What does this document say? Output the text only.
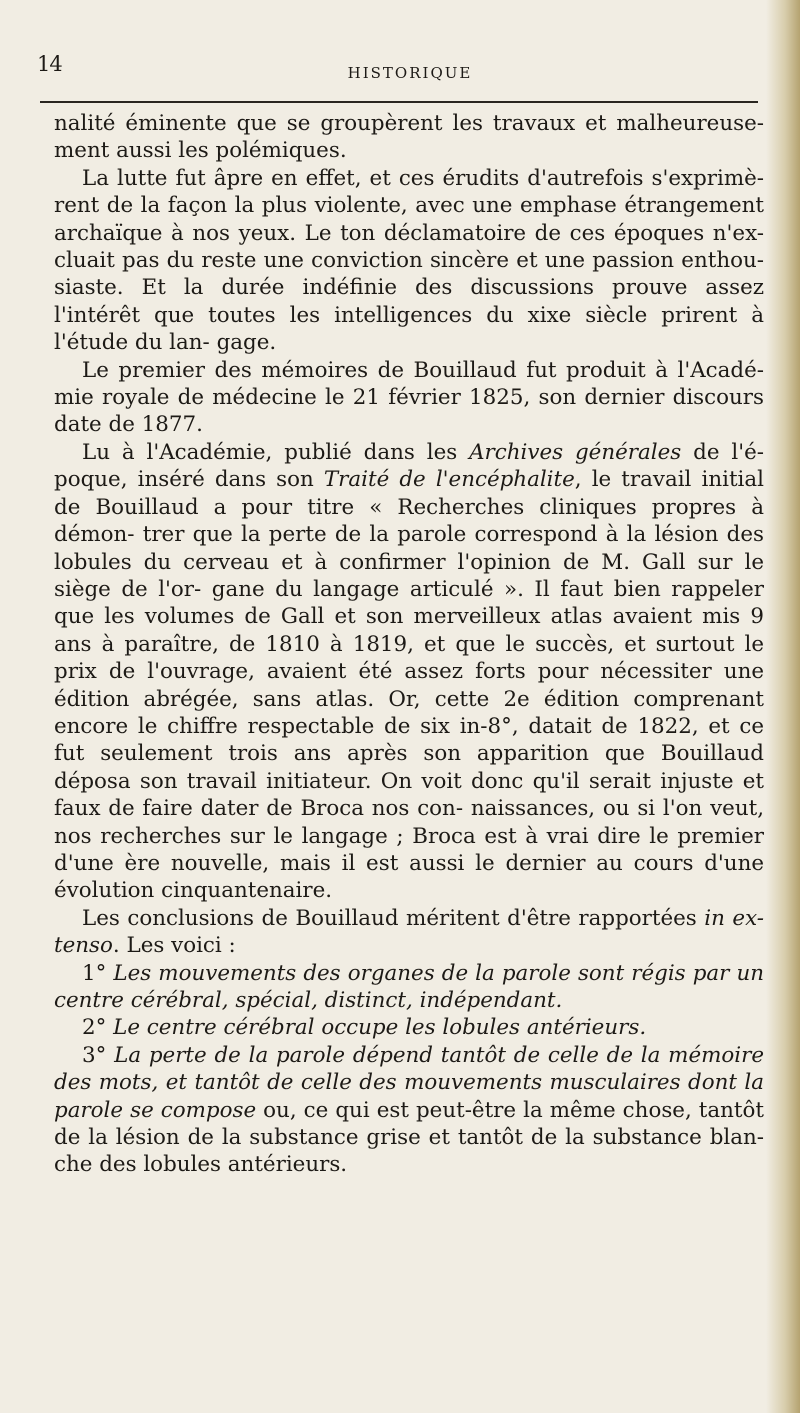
14	HISTORIQUE

nalité éminente que se groupèrent les travaux et malheureuse- ment aussi les polémiques.

La lutte fut âpre en effet, et ces érudits d'autrefois s'exprimè- rent de la façon la plus violente, avec une emphase étrangement archaïque à nos yeux. Le ton déclamatoire de ces époques n'ex- cluait pas du reste une conviction sincère et une passion enthou- siaste. Et la durée indéfinie des discussions prouve assez l'intérêt que toutes les intelligences du xixe siècle prirent à l'étude du lan- gage.

Le premier des mémoires de Bouillaud fut produit à l'Acadé- mie royale de médecine le 21 février 1825, son dernier discours date de 1877.

Lu à l'Académie, publié dans les Archives générales de l'é- poque, inséré dans son Traité de l'encéphalite, le travail initial de Bouillaud a pour titre « Recherches cliniques propres à démon- trer que la perte de la parole correspond à la lésion des lobules du cerveau et à confirmer l'opinion de M. Gall sur le siège de l'or- gane du langage articulé ». Il faut bien rappeler que les volumes de Gall et son merveilleux atlas avaient mis 9 ans à paraître, de 1810 à 1819, et que le succès, et surtout le prix de l'ouvrage, avaient été assez forts pour nécessiter une édition abrégée, sans atlas. Or, cette 2e édition comprenant encore le chiffre respectable de six in-8°, datait de 1822, et ce fut seulement trois ans après son apparition que Bouillaud déposa son travail initiateur. On voit donc qu'il serait injuste et faux de faire dater de Broca nos con- naissances, ou si l'on veut, nos recherches sur le langage ; Broca est à vrai dire le premier d'une ère nouvelle, mais il est aussi le dernier au cours d'une évolution cinquantenaire.

Les conclusions de Bouillaud méritent d'être rapportées in ex- tenso. Les voici :

1° Les mouvements des organes de la parole sont régis par un centre cérébral, spécial, distinct, indépendant.

2° Le centre cérébral occupe les lobules antérieurs.

3° La perte de la parole dépend tantôt de celle de la mémoire des mots, et tantôt de celle des mouvements musculaires dont la parole se compose ou, ce qui est peut-être la même chose, tantôt de la lésion de la substance grise et tantôt de la substance blan- che des lobules antérieurs.
